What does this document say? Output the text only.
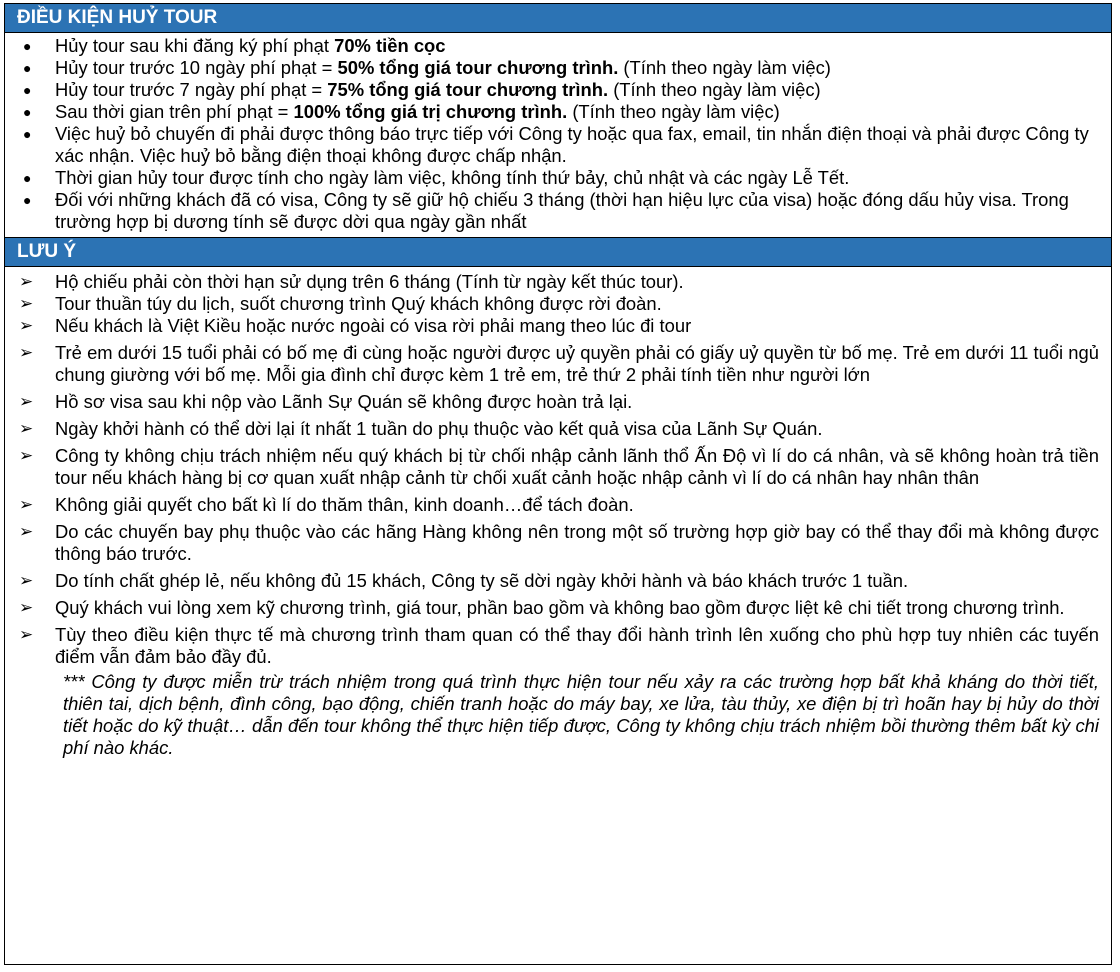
ĐIỀU KIỆN HUỶ TOUR
● Hủy tour sau khi đăng ký phí phạt 70% tiền cọc
● Hủy tour trước 10 ngày phí phạt = 50% tổng giá tour chương trình. (Tính theo ngày làm việc)
● Hủy tour trước 7 ngày phí phạt = 75% tổng giá tour chương trình. (Tính theo ngày làm việc)
● Sau thời gian trên phí phạt = 100% tổng giá trị chương trình. (Tính theo ngày làm việc)
● Việc huỷ bỏ chuyến đi phải được thông báo trực tiếp với Công ty hoặc qua fax, email, tin nhắn điện thoại và phải được Công ty xác nhận. Việc huỷ bỏ bằng điện thoại không được chấp nhận.
● Thời gian hủy tour được tính cho ngày làm việc, không tính thứ bảy, chủ nhật và các ngày Lễ Tết.
● Đối với những khách đã có visa, Công ty sẽ giữ hộ chiếu 3 tháng (thời hạn hiệu lực của visa) hoặc đóng dấu hủy visa. Trong trường hợp bị dương tính sẽ được dời qua ngày gần nhất
LƯU Ý
➢ Hộ chiếu phải còn thời hạn sử dụng trên 6 tháng (Tính từ ngày kết thúc tour).
➢ Tour thuần túy du lịch, suốt chương trình Quý khách không được rời đoàn.
➢ Nếu khách là Việt Kiều hoặc nước ngoài có visa rời phải mang theo lúc đi tour
➢ Trẻ em dưới 15 tuổi phải có bố mẹ đi cùng hoặc người được uỷ quyền phải có giấy uỷ quyền từ bố mẹ. Trẻ em dưới 11 tuổi ngủ chung giường với bố mẹ. Mỗi gia đình chỉ được kèm 1 trẻ em, trẻ thứ 2 phải tính tiền như người lớn
➢ Hồ sơ visa sau khi nộp vào Lãnh Sự Quán sẽ không được hoàn trả lại.
➢ Ngày khởi hành có thể dời lại ít nhất 1 tuần do phụ thuộc vào kết quả visa của Lãnh Sự Quán.
➢ Công ty không chịu trách nhiệm nếu quý khách bị từ chối nhập cảnh lãnh thổ Ấn Độ vì lí do cá nhân, và sẽ không hoàn trả tiền tour nếu khách hàng bị cơ quan xuất nhập cảnh từ chối xuất cảnh hoặc nhập cảnh vì lí do cá nhân hay nhân thân
➢ Không giải quyết cho bất kì lí do thăm thân, kinh doanh…để tách đoàn.
➢ Do các chuyến bay phụ thuộc vào các hãng Hàng không nên trong một số trường hợp giờ bay có thể thay đổi mà không được thông báo trước.
➢ Do tính chất ghép lẻ, nếu không đủ 15 khách, Công ty sẽ dời ngày khởi hành và báo khách trước 1 tuần.
➢ Quý khách vui lòng xem kỹ chương trình, giá tour, phần bao gồm và không bao gồm được liệt kê chi tiết trong chương trình.
➢ Tùy theo điều kiện thực tế mà chương trình tham quan có thể thay đổi hành trình lên xuống cho phù hợp tuy nhiên các tuyến điểm vẫn đảm bảo đầy đủ.
*** Công ty được miễn trừ trách nhiệm trong quá trình thực hiện tour nếu xảy ra các trường hợp bất khả kháng do thời tiết, thiên tai, dịch bệnh, đình công, bạo động, chiến tranh hoặc do máy bay, xe lửa, tàu thủy, xe điện bị trì hoãn hay bị hủy do thời tiết hoặc do kỹ thuật… dẫn đến tour không thể thực hiện tiếp được, Công ty không chịu trách nhiệm bồi thường thêm bất kỳ chi phí nào khác.
